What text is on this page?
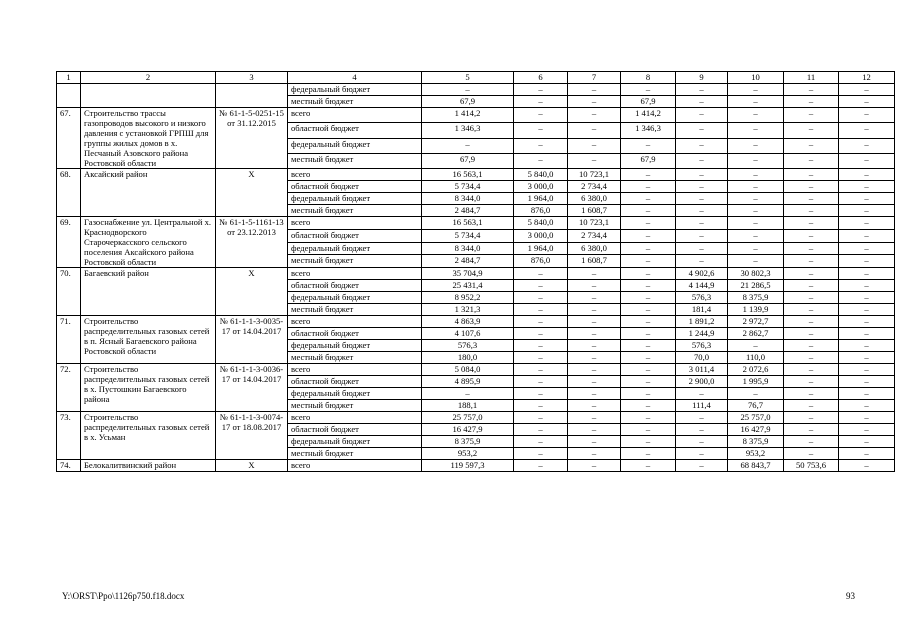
1	2	3	4	5	6	7	8	9	10	11	12
			федеральный бюджет	–	–	–	–	–	–	–	–
			местный бюджет	67,9	–	–	67,9	–	–	–	–
67.	Строительство трассы газопроводов высокого и низкого давления с установкой ГРПШ для группы жилых домов в х. Песчаный Азовского района Ростовской области	№ 61-1-5-0251-15 от 31.12.2015	всего	1 414,2	–	–	1 414,2	–	–	–	–
			областной бюджет	1 346,3	–	–	1 346,3	–	–	–	–
			федеральный бюджет	–	–	–	–	–	–	–	–
			местный бюджет	67,9	–	–	67,9	–	–	–	–
68.	Аксайский район	Х	всего	16 563,1	5 840,0	10 723,1	–	–	–	–	–
			областной бюджет	5 734,4	3 000,0	2 734,4	–	–	–	–	–
			федеральный бюджет	8 344,0	1 964,0	6 380,0	–	–	–	–	–
			местный бюджет	2 484,7	876,0	1 608,7	–	–	–	–	–
69.	Газоснабжение ул. Центральной х. Краснодворского Старочеркасского сельского поселения Аксайского района Ростовской области	№ 61-1-5-1161-13 от 23.12.2013	всего	16 563,1	5 840,0	10 723,1	–	–	–	–	–
			областной бюджет	5 734,4	3 000,0	2 734,4	–	–	–	–	–
			федеральный бюджет	8 344,0	1 964,0	6 380,0	–	–	–	–	–
			местный бюджет	2 484,7	876,0	1 608,7	–	–	–	–	–
70.	Багаевский район	Х	всего	35 704,9	–	–	–	4 902,6	30 802,3	–	–
			областной бюджет	25 431,4	–	–	–	4 144,9	21 286,5	–	–
			федеральный бюджет	8 952,2	–	–	–	576,3	8 375,9	–	–
			местный бюджет	1 321,3	–	–	–	181,4	1 139,9	–	–
71.	Строительство распределительных газовых сетей в п. Ясный Багаевского района Ростовской области	№ 61-1-1-3-0035-17 от 14.04.2017	всего	4 863,9	–	–	–	1 891,2	2 972,7	–	–
			областной бюджет	4 107,6	–	–	–	1 244,9	2 862,7	–	–
			федеральный бюджет	576,3	–	–	–	576,3	–	–	–
			местный бюджет	180,0	–	–	–	70,0	110,0	–	–
72.	Строительство распределительных газовых сетей в х. Пустошкин Багаевского района	№ 61-1-1-3-0036-17 от 14.04.2017	всего	5 084,0	–	–	–	3 011,4	2 072,6	–	–
			областной бюджет	4 895,9	–	–	–	2 900,0	1 995,9	–	–
			федеральный бюджет	–	–	–	–	–	–	–	–
			местный бюджет	188,1	–	–	–	111,4	76,7	–	–
73.	Строительство распределительных газовых сетей в х. Усьман	№ 61-1-1-3-0074-17 от 18.08.2017	всего	25 757,0	–	–	–	–	25 757,0	–	–
			областной бюджет	16 427,9	–	–	–	–	16 427,9	–	–
			федеральный бюджет	8 375,9	–	–	–	–	8 375,9	–	–
			местный бюджет	953,2	–	–	–	–	953,2	–	–
74.	Белокалитвинский район	Х	всего	119 597,3	–	–	–	–	68 843,7	50 753,6	–
Y:\ORST\Ppo\1126p750.f18.docx	93
